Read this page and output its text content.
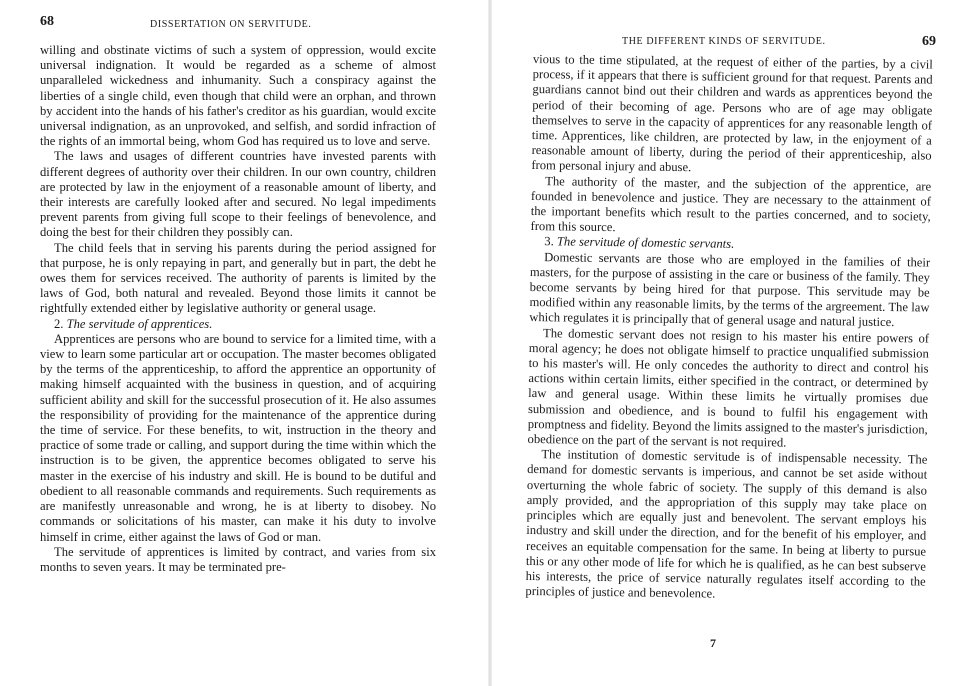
68	DISSERTATION ON SERVITUDE.

willing and obstinate victims of such a system of oppression, would excite universal indignation. It would be regarded as a scheme of almost unparalleled wickedness and inhumanity. Such a conspiracy against the liberties of a single child, even though that child were an orphan, and thrown by accident into the hands of his father's creditor as his guardian, would excite universal indignation, as an unprovoked, and selfish, and sordid infraction of the rights of an immortal being, whom God has required us to love and serve.

The laws and usages of different countries have invested parents with different degrees of authority over their children. In our own country, children are protected by law in the enjoyment of a reasonable amount of liberty, and their interests are carefully looked after and secured. No legal impediments prevent parents from giving full scope to their feelings of benevolence, and doing the best for their children they possibly can.

The child feels that in serving his parents during the period assigned for that purpose, he is only repaying in part, and generally but in part, the debt he owes them for services received. The authority of parents is limited by the laws of God, both natural and revealed. Beyond those limits it cannot be rightfully extended either by legislative authority or general usage.

2. The servitude of apprentices.

Apprentices are persons who are bound to service for a limited time, with a view to learn some particular art or occupation. The master becomes obligated by the terms of the apprenticeship, to afford the apprentice an opportunity of making himself acquainted with the business in question, and of acquiring sufficient ability and skill for the successful prosecution of it. He also assumes the responsibility of providing for the maintenance of the apprentice during the time of service. For these benefits, to wit, instruction in the theory and practice of some trade or calling, and support during the time within which the instruction is to be given, the apprentice becomes obligated to serve his master in the exercise of his industry and skill. He is bound to be dutiful and obedient to all reasonable commands and requirements. Such requirements as are manifestly unreasonable and wrong, he is at liberty to disobey. No commands or solicitations of his master, can make it his duty to involve himself in crime, either against the laws of God or man.

The servitude of apprentices is limited by contract, and varies from six months to seven years. It may be terminated pre-

THE DIFFERENT KINDS OF SERVITUDE.	69

vious to the time stipulated, at the request of either of the parties, by a civil process, if it appears that there is sufficient ground for that request. Parents and guardians cannot bind out their children and wards as apprentices beyond the period of their becoming of age. Persons who are of age may obligate themselves to serve in the capacity of apprentices for any reasonable length of time. Apprentices, like children, are protected by law, in the enjoyment of a reasonable amount of liberty, during the period of their apprenticeship, also from personal injury and abuse.

The authority of the master, and the subjection of the apprentice, are founded in benevolence and justice. They are necessary to the attainment of the important benefits which result to the parties concerned, and to society, from this source.

3. The servitude of domestic servants.

Domestic servants are those who are employed in the families of their masters, for the purpose of assisting in the care or business of the family. They become servants by being hired for that purpose. This servitude may be modified within any reasonable limits, by the terms of the argreement. The law which regulates it is principally that of general usage and natural justice.

The domestic servant does not resign to his master his entire powers of moral agency; he does not obligate himself to practice unqualified submission to his master's will. He only concedes the authority to direct and control his actions within certain limits, either specified in the contract, or determined by law and general usage. Within these limits he virtually promises due submission and obedience, and is bound to fulfil his engagement with promptness and fidelity. Beyond the limits assigned to the master's jurisdiction, obedience on the part of the servant is not required.

The institution of domestic servitude is of indispensable necessity. The demand for domestic servants is imperious, and cannot be set aside without overturning the whole fabric of society. The supply of this demand is also amply provided, and the appropriation of this supply may take place on principles which are equally just and benevolent. The servant employs his industry and skill under the direction, and for the benefit of his employer, and receives an equitable compensation for the same. In being at liberty to pursue this or any other mode of life for which he is qualified, as he can best subserve his interests, the price of service naturally regulates itself according to the principles of justice and benevolence.

7
